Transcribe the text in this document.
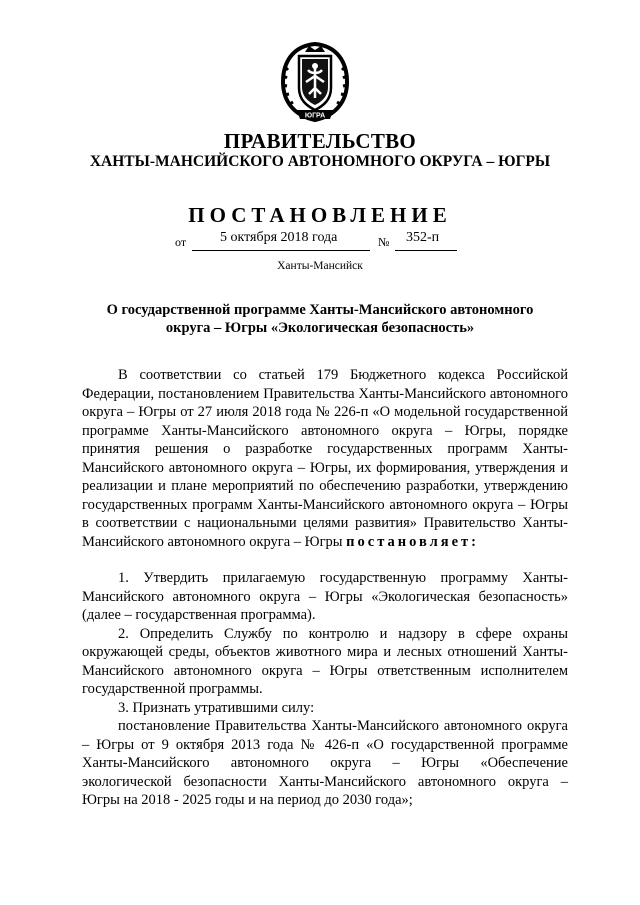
ЮГРА
ПРАВИТЕЛЬСТВО
ХАНТЫ-МАНСИЙСКОГО АВТОНОМНОГО ОКРУГА – ЮГРЫ
ПОСТАНОВЛЕНИЕ
от 5 октября 2018 года	№ 352-п
Ханты-Мансийск
О государственной программе Ханты-Мансийского автономного
округа – Югры «Экологическая безопасность»

В соответствии со статьей 179 Бюджетного кодекса Российской Федерации, постановлением Правительства Ханты-Мансийского автономного округа – Югры от 27 июля 2018 года № 226-п «О модельной государственной программе Ханты-Мансийского автономного округа – Югры, порядке принятия решения о разработке государственных программ Ханты-Мансийского автономного округа – Югры, их формирования, утверждения и реализации и плане мероприятий по обеспечению разработки, утверждению государственных программ Ханты-Мансийского автономного округа – Югры в соответствии с национальными целями развития» Правительство Ханты-Мансийского автономного округа – Югры постановляет:

1. Утвердить прилагаемую государственную программу Ханты-Мансийского автономного округа – Югры «Экологическая безопасность» (далее – государственная программа).

2. Определить Службу по контролю и надзору в сфере охраны окружающей среды, объектов животного мира и лесных отношений Ханты-Мансийского автономного округа – Югры ответственным исполнителем государственной программы.

3. Признать утратившими силу:

постановление Правительства Ханты-Мансийского автономного округа – Югры от 9 октября 2013 года № 426-п «О государственной программе Ханты-Мансийского автономного округа – Югры «Обеспечение экологической безопасности Ханты-Мансийского автономного округа – Югры на 2018 - 2025 годы и на период до 2030 года»;
